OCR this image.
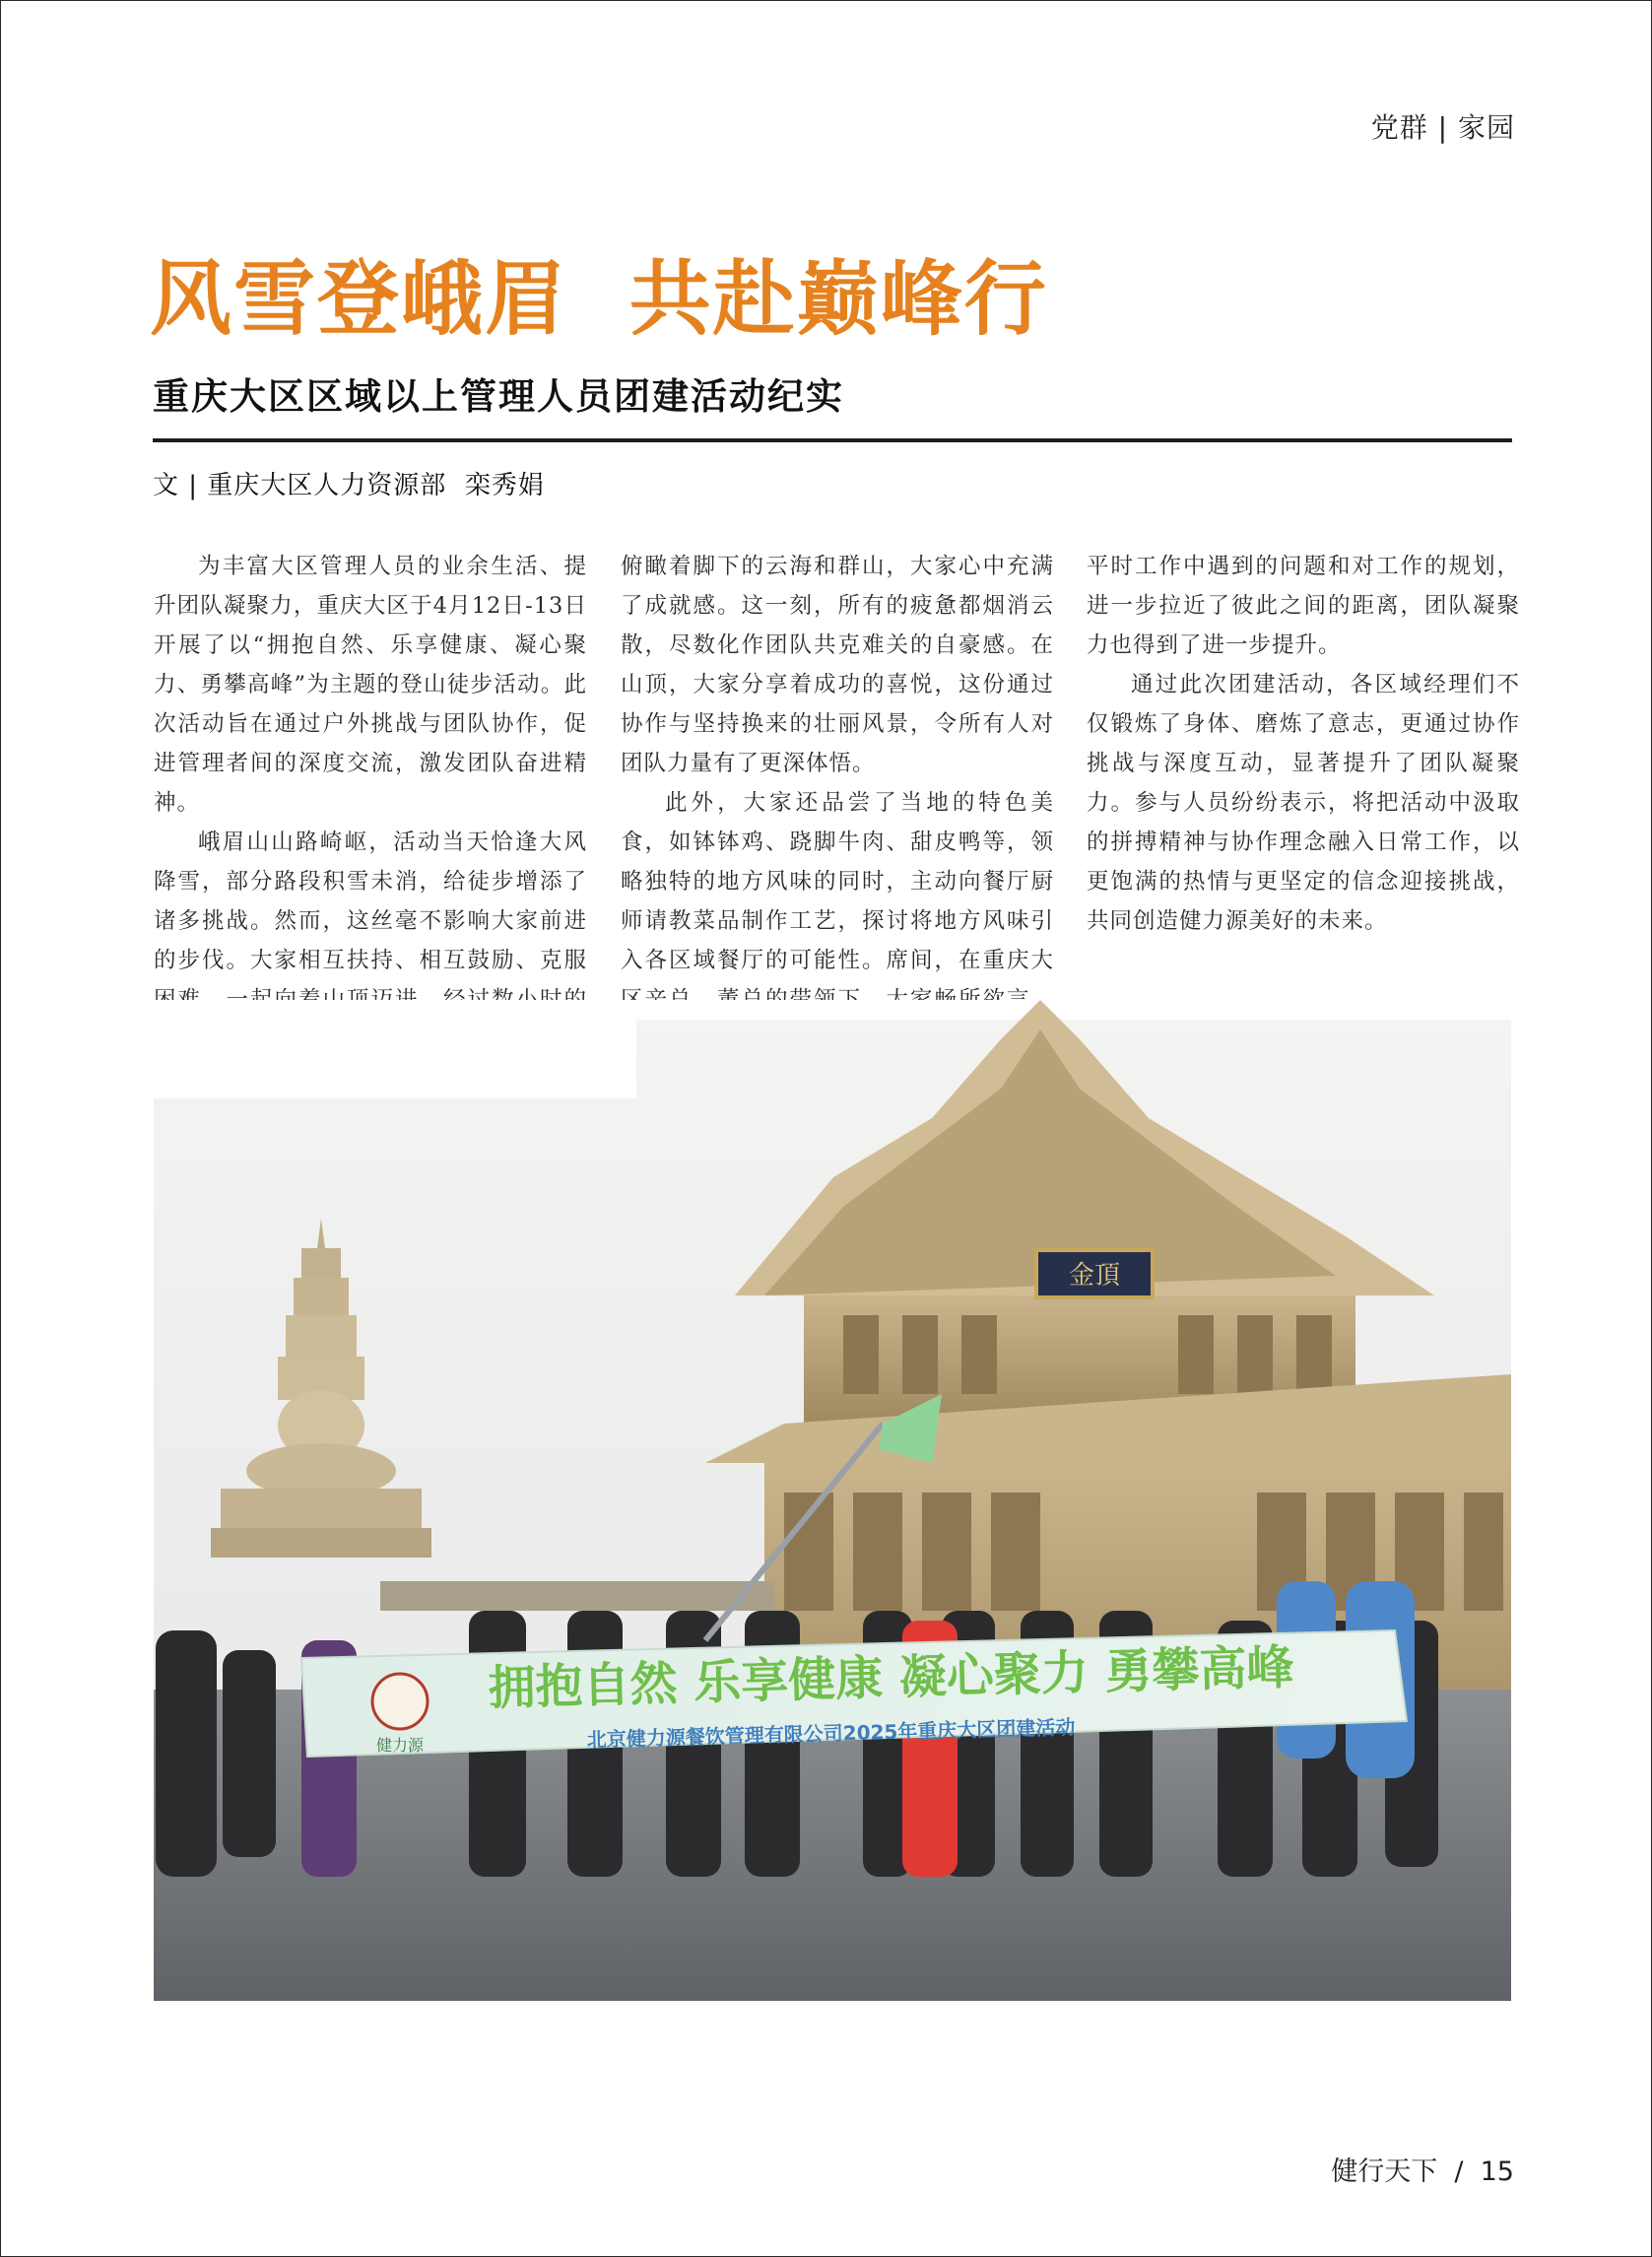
党群 | 家园
风雪登峨眉  共赴巅峰行
重庆大区区域以上管理人员团建活动纪实
文 | 重庆大区人力资源部  栾秀娟

为丰富大区管理人员的业余生活、提升团队凝聚力，重庆大区于4月12日-13日开展了以“拥抱自然、乐享健康、凝心聚力、勇攀高峰”为主题的登山徒步活动。此次活动旨在通过户外挑战与团队协作，促进管理者间的深度交流，激发团队奋进精神。

峨眉山山路崎岖，活动当天恰逢大风降雪，部分路段积雪未消，给徒步增添了诸多挑战。然而，这丝毫不影响大家前进的步伐。大家相互扶持、相互鼓励、克服

俯瞰着脚下的云海和群山，大家心中充满了成就感。这一刻，所有的疲惫都烟消云散，尽数化作团队共克难关的自豪感。在山顶，大家分享着成功的喜悦，这份通过协作与坚持换来的壮丽风景，令所有人对团队力量有了更深体悟。

此外，大家还品尝了当地的特色美食，如钵钵鸡、跷脚牛肉、甜皮鸭等，领略独特的地方风味的同时，主动向餐厅厨师请教菜品制作工艺，探讨将地方风味引入各区域餐厅的可能性。席间，在重庆大

平时工作中遇到的问题和对工作的规划，进一步拉近了彼此之间的距离，团队凝聚力也得到了进一步提升。

通过此次团建活动，各区域经理们不仅锻炼了身体、磨炼了意志，更通过协作挑战与深度互动，显著提升了团队凝聚力。参与人员纷纷表示，将把活动中汲取的拼搏精神与协作理念融入日常工作，以更饱满的热情与更坚定的信念迎接挑战，共同创造健力源美好的未来。

金頂
健力源
拥抱自然 乐享健康 凝心聚力 勇攀高峰
北京健力源餐饮管理有限公司2025年重庆大区团建活动
健行天下  /  15
